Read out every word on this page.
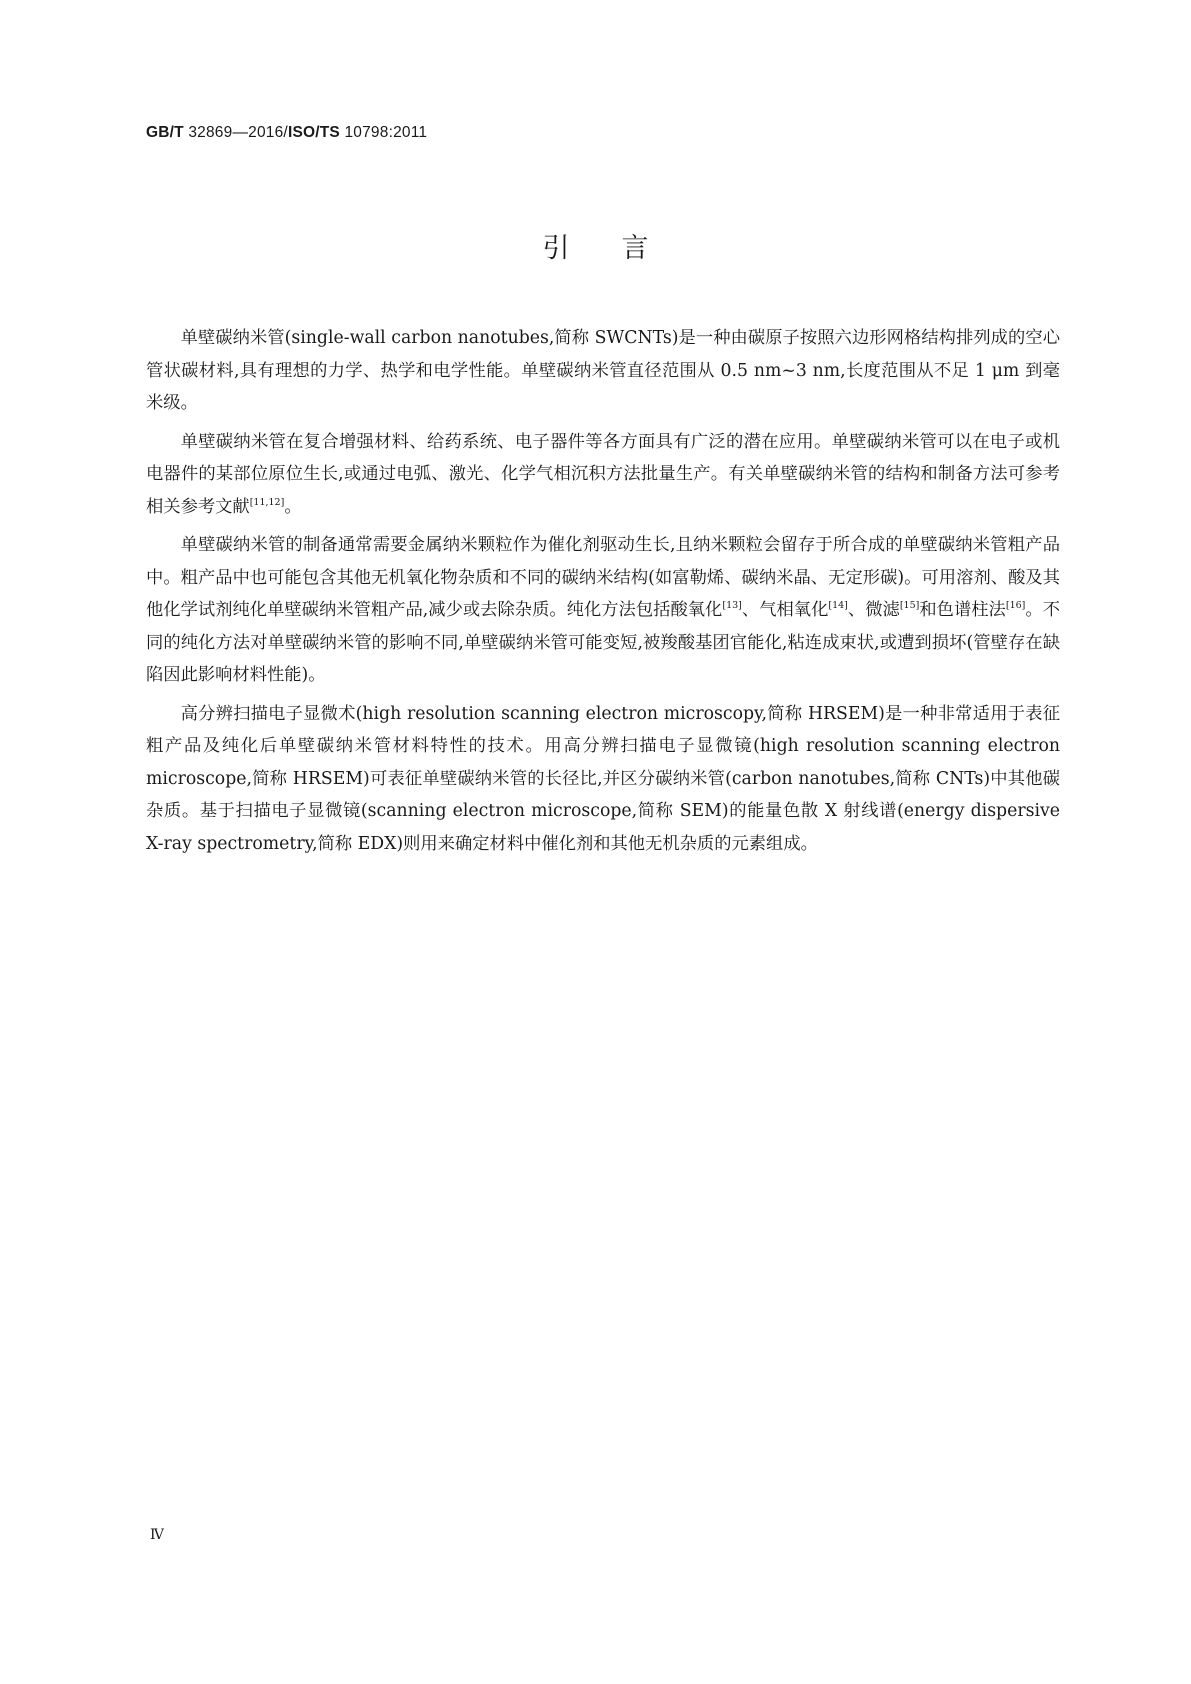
GB/T 32869—2016/ISO/TS 10798:2011
引言

单壁碳纳米管(single-wall carbon nanotubes,简称 SWCNTs)是一种由碳原子按照六边形网格结构排列成的空心管状碳材料,具有理想的力学、热学和电学性能。单壁碳纳米管直径范围从 0.5 nm~3 nm,长度范围从不足 1 μm 到毫米级。

单壁碳纳米管在复合增强材料、给药系统、电子器件等各方面具有广泛的潜在应用。单壁碳纳米管可以在电子或机电器件的某部位原位生长,或通过电弧、激光、化学气相沉积方法批量生产。有关单壁碳纳米管的结构和制备方法可参考相关参考文献[11,12]。

单壁碳纳米管的制备通常需要金属纳米颗粒作为催化剂驱动生长,且纳米颗粒会留存于所合成的单壁碳纳米管粗产品中。粗产品中也可能包含其他无机氧化物杂质和不同的碳纳米结构(如富勒烯、碳纳米晶、无定形碳)。可用溶剂、酸及其他化学试剂纯化单壁碳纳米管粗产品,减少或去除杂质。纯化方法包括酸氧化[13]、气相氧化[14]、微滤[15]和色谱柱法[16]。不同的纯化方法对单壁碳纳米管的影响不同,单壁碳纳米管可能变短,被羧酸基团官能化,粘连成束状,或遭到损坏(管壁存在缺陷因此影响材料性能)。

高分辨扫描电子显微术(high resolution scanning electron microscopy,简称 HRSEM)是一种非常适用于表征粗产品及纯化后单壁碳纳米管材料特性的技术。用高分辨扫描电子显微镜(high resolution scanning electron microscope,简称 HRSEM)可表征单壁碳纳米管的长径比,并区分碳纳米管(carbon nanotubes,简称 CNTs)中其他碳杂质。基于扫描电子显微镜(scanning electron microscope,简称 SEM)的能量色散 X 射线谱(energy dispersive X-ray spectrometry,简称 EDX)则用来确定材料中催化剂和其他无机杂质的元素组成。

Ⅳ
